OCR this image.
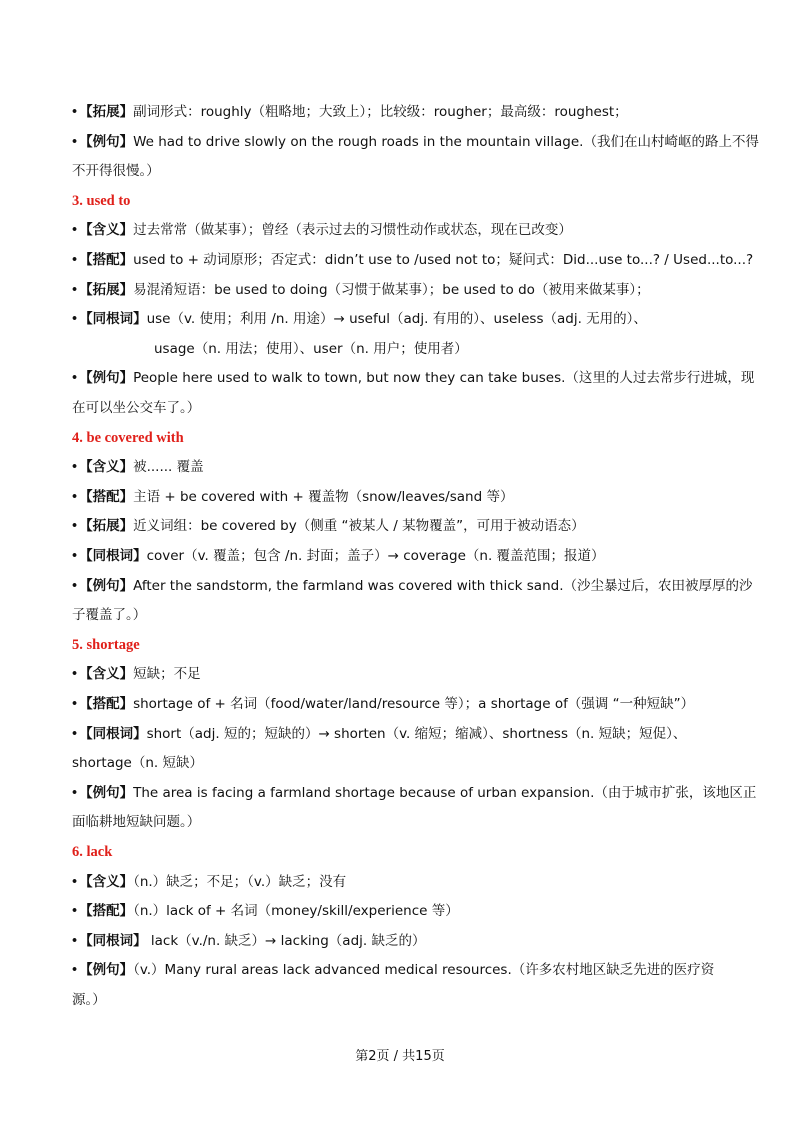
• 【拓展】副词形式：roughly（粗略地；大致上）；比较级：rougher；最高级：roughest；
• 【例句】We had to drive slowly on the rough roads in the mountain village.（我们在山村崎岖的路上不得
不开得很慢。）
3. used to
• 【含义】过去常常（做某事）；曾经（表示过去的习惯性动作或状态，现在已改变）
• 【搭配】used to + 动词原形；否定式：didn’t use to /used not to；疑问式：Did...use to...? / Used...to...?
• 【拓展】易混淆短语：be used to doing（习惯于做某事）；be used to do（被用来做某事）；
• 【同根词】use（v. 使用；利用 /n. 用途）→ useful（adj. 有用的）、useless（adj. 无用的）、
usage（n. 用法；使用）、user（n. 用户；使用者）
• 【例句】People here used to walk to town, but now they can take buses.（这里的人过去常步行进城，现
在可以坐公交车了。）
4. be covered with
• 【含义】被...... 覆盖
• 【搭配】主语 + be covered with + 覆盖物（snow/leaves/sand 等）
• 【拓展】近义词组：be covered by（侧重 “被某人 / 某物覆盖”，可用于被动语态）
• 【同根词】cover（v. 覆盖；包含 /n. 封面；盖子）→ coverage（n. 覆盖范围；报道）
• 【例句】After the sandstorm, the farmland was covered with thick sand.（沙尘暴过后，农田被厚厚的沙
子覆盖了。）
5. shortage
• 【含义】短缺；不足
• 【搭配】shortage of + 名词（food/water/land/resource 等）；a shortage of（强调 “一种短缺”）
• 【同根词】short（adj. 短的；短缺的）→ shorten（v. 缩短；缩减）、shortness（n. 短缺；短促）、
shortage（n. 短缺）
• 【例句】The area is facing a farmland shortage because of urban expansion.（由于城市扩张，该地区正
面临耕地短缺问题。）
6. lack
• 【含义】（n.）缺乏；不足；（v.）缺乏；没有
• 【搭配】（n.）lack of + 名词（money/skill/experience 等）
• 【同根词】 lack（v./n. 缺乏）→ lacking（adj. 缺乏的）
• 【例句】（v.）Many rural areas lack advanced medical resources.（许多农村地区缺乏先进的医疗资
源。）
第2页 / 共15页
